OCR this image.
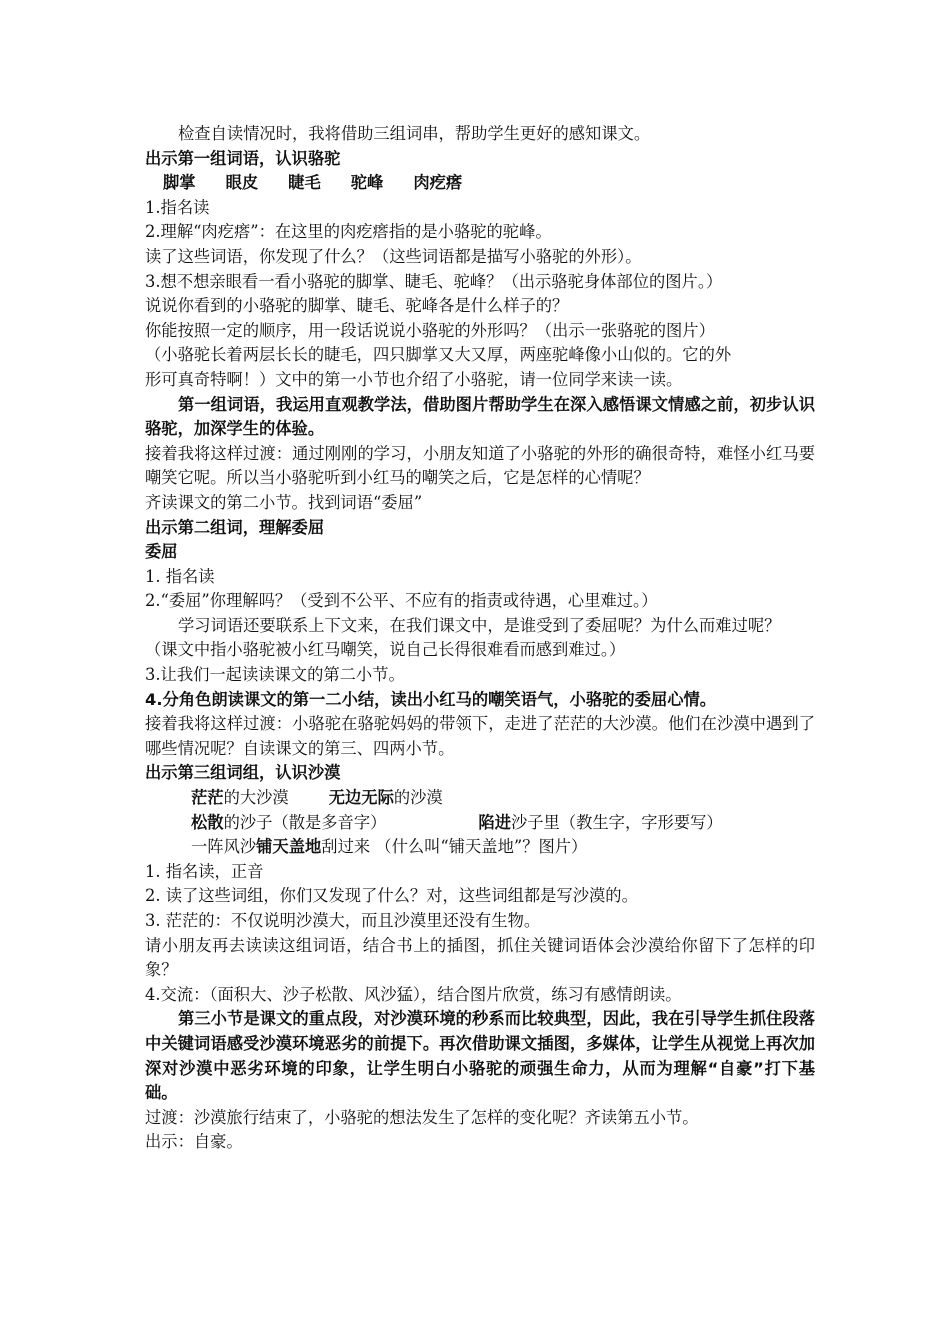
检查自读情况时，我将借助三组词串，帮助学生更好的感知课文。
出示第一组词语，认识骆驼
脚掌 眼皮 睫毛 驼峰 肉疙瘩
1.指名读
2.理解“肉疙瘩”：在这里的肉疙瘩指的是小骆驼的驼峰。
读了这些词语，你发现了什么？（这些词语都是描写小骆驼的外形）。
3.想不想亲眼看一看小骆驼的脚掌、睫毛、驼峰？（出示骆驼身体部位的图片。）
说说你看到的小骆驼的脚掌、睫毛、驼峰各是什么样子的？
你能按照一定的顺序，用一段话说说小骆驼的外形吗？（出示一张骆驼的图片）
（小骆驼长着两层长长的睫毛，四只脚掌又大又厚，两座驼峰像小山似的。它的外
形可真奇特啊！）文中的第一小节也介绍了小骆驼，请一位同学来读一读。
第一组词语，我运用直观教学法，借助图片帮助学生在深入感悟课文情感之前，初步认识骆驼，加深学生的体验。
接着我将这样过渡：通过刚刚的学习，小朋友知道了小骆驼的外形的确很奇特，难怪小红马要嘲笑它呢。所以当小骆驼听到小红马的嘲笑之后，它是怎样的心情呢？
齐读课文的第二小节。找到词语“委屈”
出示第二组词，理解委屈
委屈
1. 指名读
2.“委屈”你理解吗？（受到不公平、不应有的指责或待遇，心里难过。）
学习词语还要联系上下文来，在我们课文中，是谁受到了委屈呢？为什么而难过呢？
（课文中指小骆驼被小红马嘲笑，说自己长得很难看而感到难过。）
3.让我们一起读读课文的第二小节。
4.分角色朗读课文的第一二小结，读出小红马的嘲笑语气，小骆驼的委屈心情。
接着我将这样过渡：小骆驼在骆驼妈妈的带领下，走进了茫茫的大沙漠。他们在沙漠中遇到了哪些情况呢？自读课文的第三、四两小节。
出示第三组词组，认识沙漠
茫茫的大沙漠 无边无际的沙漠
松散的沙子（散是多音字）	陷进沙子里（教生字，字形要写）
一阵风沙铺天盖地刮过来 （什么叫“铺天盖地”？图片）
1. 指名读，正音
2. 读了这些词组，你们又发现了什么？对，这些词组都是写沙漠的。
3. 茫茫的：不仅说明沙漠大，而且沙漠里还没有生物。
请小朋友再去读读这组词语，结合书上的插图，抓住关键词语体会沙漠给你留下了怎样的印象？
4.交流：（面积大、沙子松散、风沙猛），结合图片欣赏，练习有感情朗读。
第三小节是课文的重点段，对沙漠环境的秒系而比较典型，因此，我在引导学生抓住段落中关键词语感受沙漠环境恶劣的前提下。再次借助课文插图，多媒体，让学生从视觉上再次加深对沙漠中恶劣环境的印象，让学生明白小骆驼的顽强生命力，从而为理解“自豪”打下基础。
过渡：沙漠旅行结束了，小骆驼的想法发生了怎样的变化呢？齐读第五小节。
出示：自豪。
